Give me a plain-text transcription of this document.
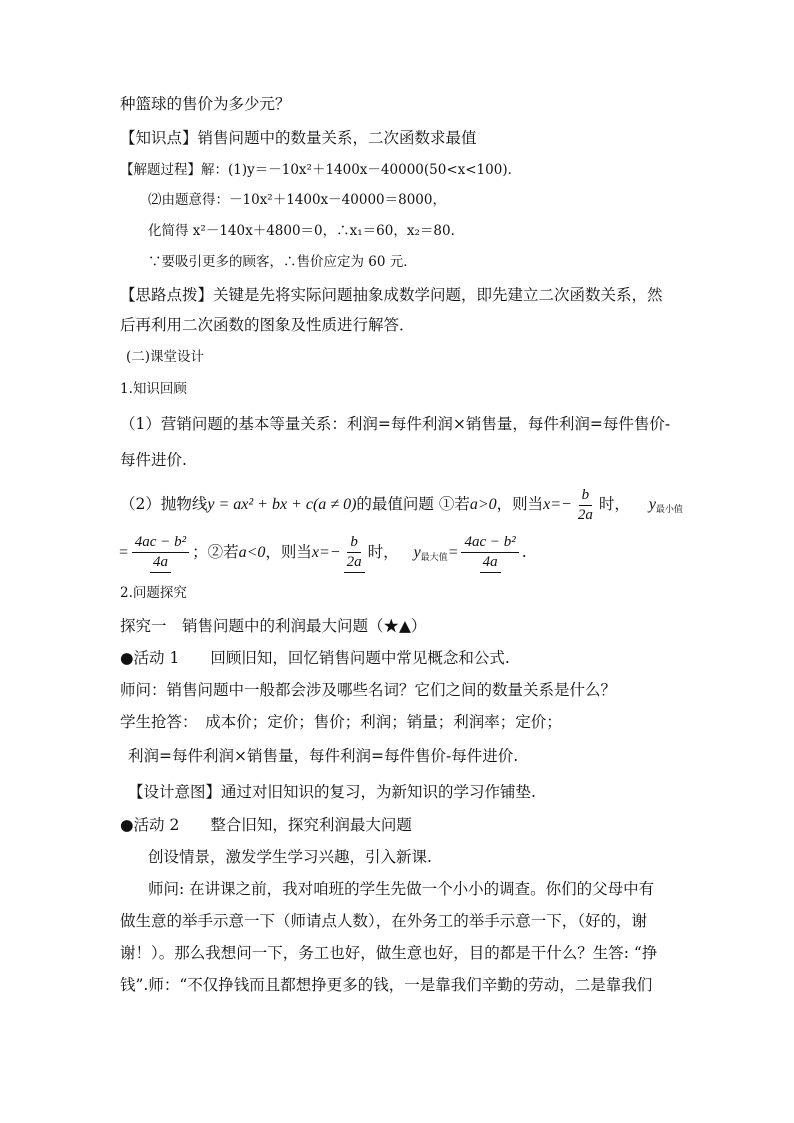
种篮球的售价为多少元？
【知识点】销售问题中的数量关系，二次函数求最值
【解题过程】解：(1)y＝－10x²＋1400x－40000(50<x<100)．
⑵由题意得：－10x²＋1400x－40000＝8000，
化简得 x²－140x＋4800＝0，∴x₁＝60，x₂＝80.
∵要吸引更多的顾客，∴售价应定为 60 元．
【思路点拨】关键是先将实际问题抽象成数学问题，即先建立二次函数关系，然
后再利用二次函数的图象及性质进行解答．
(二)课堂设计
1.知识回顾
（1）营销问题的基本等量关系：利润=每件利润×销售量，每件利润=每件售价-
每件进价.
（2）抛物线y = ax² + bx + c(a ≠ 0)的最值问题 ①若a>0，则当$x=- \frac{b}{2a}$ 时， $y_{最小值}$
= $\frac{\text{4ac − b²}}{4a}$ ；②若a<0，则当$x=- \frac{b}{2a}$ 时， $y_{最大值}= \frac{\text{4ac − b²}}{4a}$ .
2.问题探究
探究一　销售问题中的利润最大问题（★▲）
●活动 1　　回顾旧知，回忆销售问题中常见概念和公式.
师问：销售问题中一般都会涉及哪些名词？它们之间的数量关系是什么？
学生抢答：　成本价；定价；售价；利润；销量；利润率；定价；
利润=每件利润×销售量，每件利润=每件售价-每件进价.
【设计意图】通过对旧知识的复习，为新知识的学习作铺垫.
●活动 2　　整合旧知，探究利润最大问题
创设情景，激发学生学习兴趣，引入新课.
师问: 在讲课之前，我对咱班的学生先做一个小小的调查。你们的父母中有
做生意的举手示意一下（师请点人数），在外务工的举手示意一下，（好的，谢
谢！）。那么我想问一下，务工也好，做生意也好，目的都是干什么？生答: “挣
钱”.师：“不仅挣钱而且都想挣更多的钱，一是靠我们辛勤的劳动，二是靠我们
